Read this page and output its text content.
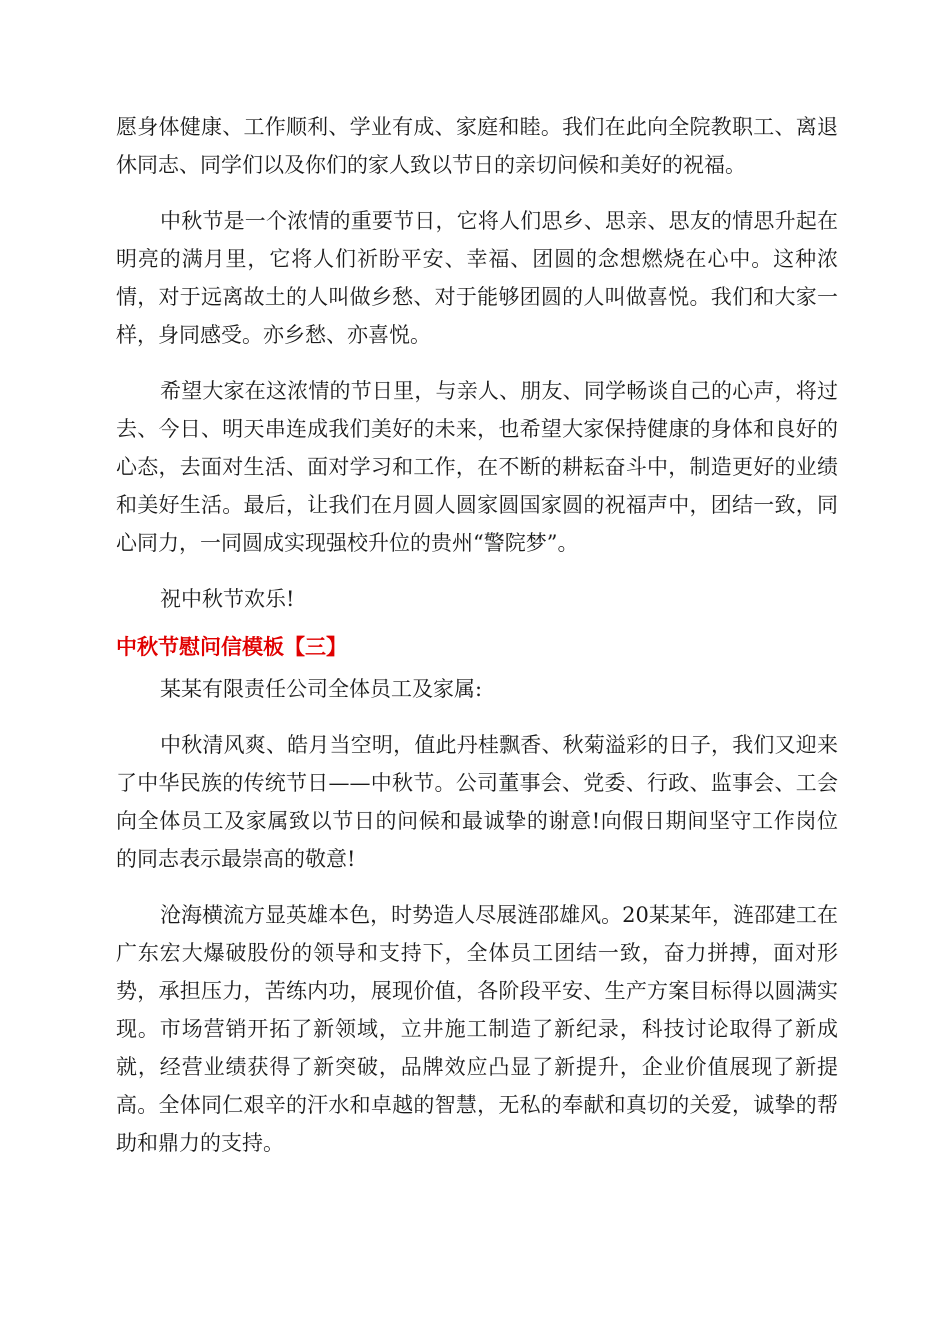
愿身体健康、工作顺利、学业有成、家庭和睦。我们在此向全院教职工、离退休同志、同学们以及你们的家人致以节日的亲切问候和美好的祝福。

中秋节是一个浓情的重要节日，它将人们思乡、思亲、思友的情思升起在明亮的满月里，它将人们祈盼平安、幸福、团圆的念想燃烧在心中。这种浓情，对于远离故土的人叫做乡愁、对于能够团圆的人叫做喜悦。我们和大家一样，身同感受。亦乡愁、亦喜悦。

希望大家在这浓情的节日里，与亲人、朋友、同学畅谈自己的心声，将过去、今日、明天串连成我们美好的未来，也希望大家保持健康的身体和良好的心态，去面对生活、面对学习和工作，在不断的耕耘奋斗中，制造更好的业绩和美好生活。最后，让我们在月圆人圆家圆国家圆的祝福声中，团结一致，同心同力，一同圆成实现强校升位的贵州“警院梦”。

祝中秋节欢乐!

中秋节慰问信模板【三】

某某有限责任公司全体员工及家属:

中秋清风爽、皓月当空明，值此丹桂飘香、秋菊溢彩的日子，我们又迎来了中华民族的传统节日——中秋节。公司董事会、党委、行政、监事会、工会向全体员工及家属致以节日的问候和最诚挚的谢意!向假日期间坚守工作岗位的同志表示最崇高的敬意!

沧海横流方显英雄本色，时势造人尽展涟邵雄风。20某某年，涟邵建工在广东宏大爆破股份的领导和支持下，全体员工团结一致，奋力拼搏，面对形势，承担压力，苦练内功，展现价值，各阶段平安、生产方案目标得以圆满实现。市场营销开拓了新领域，立井施工制造了新纪录，科技讨论取得了新成就，经营业绩获得了新突破，品牌效应凸显了新提升，企业价值展现了新提高。全体同仁艰辛的汗水和卓越的智慧，无私的奉献和真切的关爱，诚挚的帮助和鼎力的支持。
